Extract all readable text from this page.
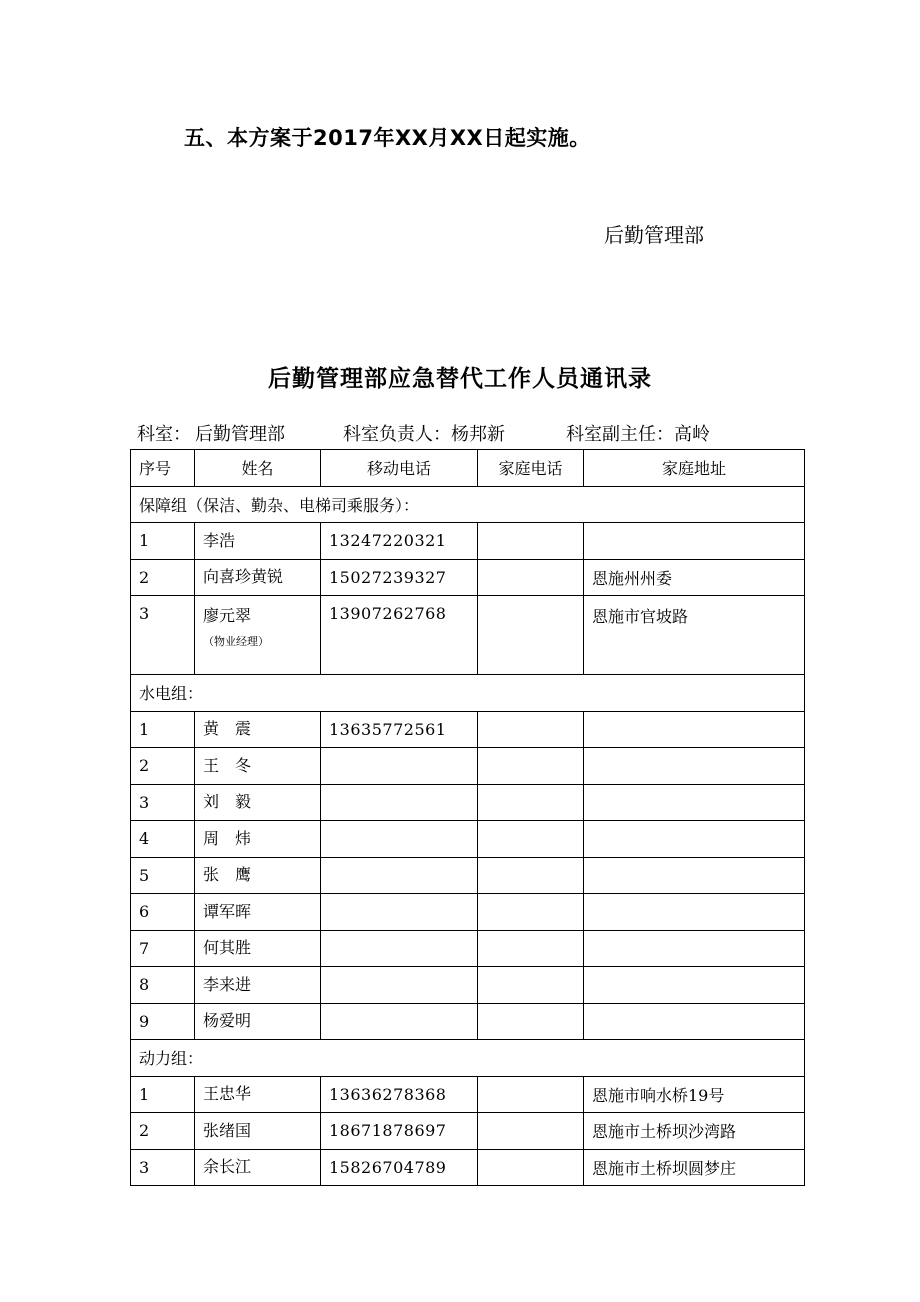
五、本方案于2017年XX月XX日起实施。
后勤管理部
后勤管理部应急替代工作人员通讯录
科室： 后勤管理部	科室负责人：杨邦新	科室副主任：高岭
序号	姓名	移动电话	家庭电话	家庭地址
保障组（保洁、勤杂、电梯司乘服务）：				
1	李浩	13247220321		
2	向喜珍黄锐	15027239327		恩施州州委
3	廖元翠（物业经理）	13907262768		恩施市官坡路
水电组：				
1	黄　震	13635772561		
2	王　冬			
3	刘　毅			
4	周　炜			
5	张　鹰			
6	谭军晖			
7	何其胜			
8	李来进			
9	杨爱明			
动力组：				
1	王忠华	13636278368		恩施市响水桥19号
2	张绪国	18671878697		恩施市土桥坝沙湾路
3	余长江	15826704789		恩施市土桥坝圆梦庄
